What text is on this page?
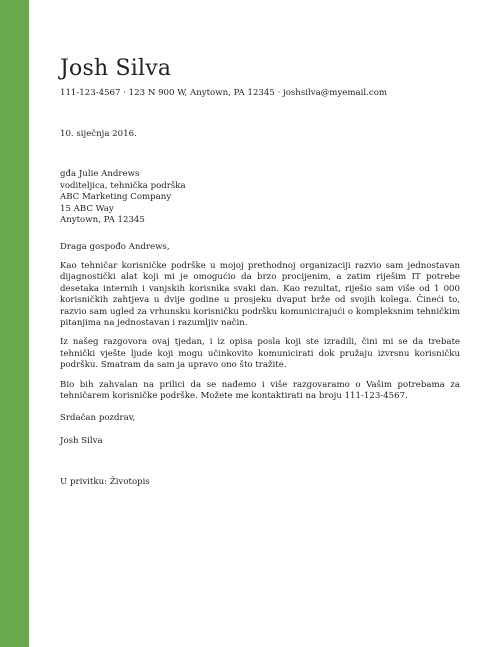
Josh Silva
111-123-4567 · 123 N 900 W, Anytown, PA 12345 · joshsilva@myemail.com
10. siječnja 2016.
gđa Julie Andrews
voditeljica, tehnička podrška
ABC Marketing Company
15 ABC Way
Anytown, PA 12345
Draga gospođo Andrews,

Kao tehničar korisničke podrške u mojoj prethodnoj organizaciji razvio sam jednostavan dijagnostički alat koji mi je omogućio da brzo procijenim, a zatim riješim IT potrebe desetaka internih i vanjskih korisnika svaki dan. Kao rezultat, riješio sam više od 1 000 korisničkih zahtjeva u dvije godine u prosjeku dvaput brže od svojih kolega. Čineći to, razvio sam ugled za vrhunsku korisničku podršku komunicirajući o kompleksnim tehničkim pitanjima na jednostavan i razumljiv način.

Iz našeg razgovora ovaj tjedan, i iz opisa posla koji ste izradili, čini mi se da trebate tehnički vješte ljude koji mogu učinkovito komunicirati dok pružaju izvrsnu korisničku podršku. Smatram da sam ja upravo ono što tražite.

Bio bih zahvalan na prilici da se nađemo i više razgovaramo o Vašim potrebama za tehničarem korisničke podrške. Možete me kontaktirati na broju 111-123-4567.

Srdačan pozdrav,
Josh Silva
U privitku: Životopis
